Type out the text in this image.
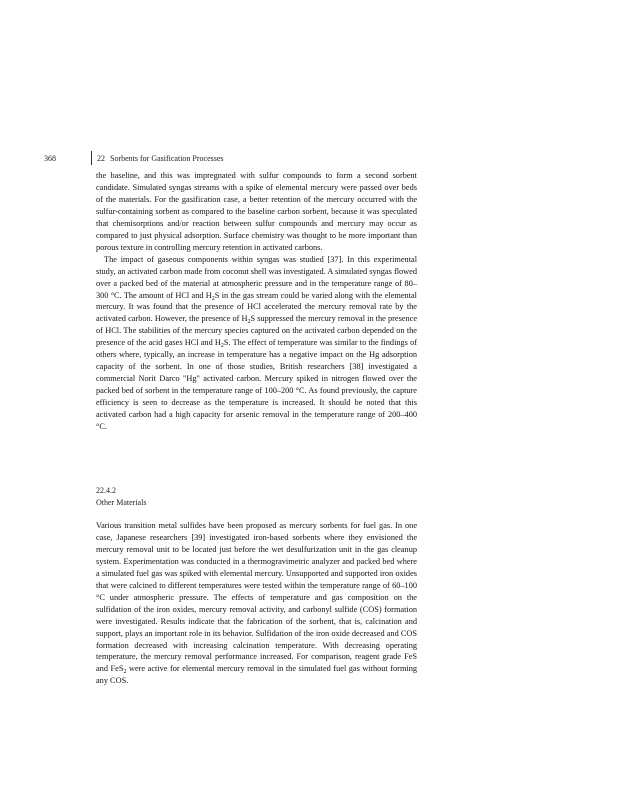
368	22 Sorbents for Gasification Processes

the baseline, and this was impregnated with sulfur compounds to form a second sorbent candidate. Simulated syngas streams with a spike of elemental mercury were passed over beds of the materials. For the gasification case, a better retention of the mercury occurred with the sulfur-containing sorbent as compared to the baseline carbon sorbent, because it was speculated that chemisorptions and/or reaction between sulfur compounds and mercury may occur as compared to just physical adsorption. Surface chemistry was thought to be more important than porous texture in controlling mercury retention in activated carbons.

The impact of gaseous components within syngas was studied [37]. In this experimental study, an activated carbon made from coconut shell was investigated. A simulated syngas flowed over a packed bed of the material at atmospheric pressure and in the temperature range of 80–300 °C. The amount of HCl and $H_2S$ in the gas stream could be varied along with the elemental mercury. It was found that the presence of HCl accelerated the mercury removal rate by the activated carbon. However, the presence of $H_2S$ suppressed the mercury removal in the presence of HCl. The stabilities of the mercury species captured on the activated carbon depended on the presence of the acid gases HCl and $H_2S$. The effect of temperature was similar to the findings of others where, typically, an increase in temperature has a negative impact on the Hg adsorption capacity of the sorbent. In one of those studies, British researchers [38] investigated a commercial Norit Darco "Hg" activated carbon. Mercury spiked in nitrogen flowed over the packed bed of sorbent in the temperature range of 100–200 °C. As found previously, the capture efficiency is seen to decrease as the temperature is increased. It should be noted that this activated carbon had a high capacity for arsenic removal in the temperature range of 200–400 °C.

22.4.2
Other Materials

Various transition metal sulfides have been proposed as mercury sorbents for fuel gas. In one case, Japanese researchers [39] investigated iron-based sorbents where they envisioned the mercury removal unit to be located just before the wet desulfurization unit in the gas cleanup system. Experimentation was conducted in a thermogravimetric analyzer and packed bed where a simulated fuel gas was spiked with elemental mercury. Unsupported and supported iron oxides that were calcined to different temperatures were tested within the temperature range of 60–100 °C under atmospheric pressure. The effects of temperature and gas composition on the sulfidation of the iron oxides, mercury removal activity, and carbonyl sulfide (COS) formation were investigated. Results indicate that the fabrication of the sorbent, that is, calcination and support, plays an important role in its behavior. Sulfidation of the iron oxide decreased and COS formation decreased with increasing calcination temperature. With decreasing operating temperature, the mercury removal performance increased. For comparison, reagent grade FeS and FeS$_2$ were active for elemental mercury removal in the simulated fuel gas without forming any COS.
